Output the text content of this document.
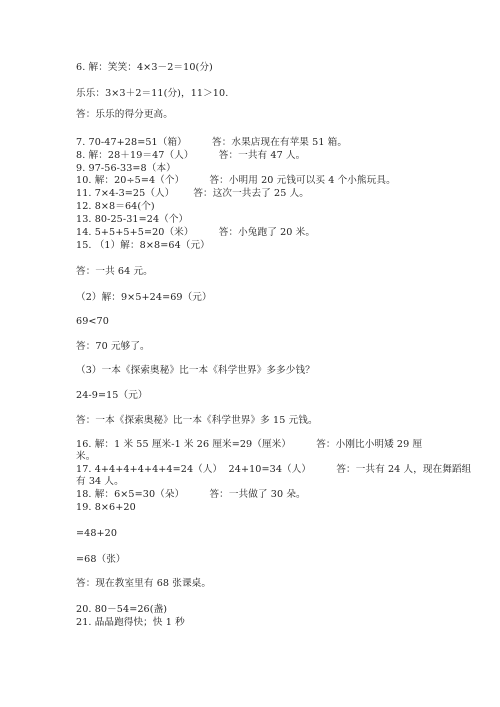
6. 解：笑笑：4×3－2＝10(分)
乐乐：3×3＋2＝11(分)，11＞10.
答：乐乐的得分更高。
7. 70-47+28=51（箱）        答：水果店现在有苹果 51 箱。
8. 解：28＋19＝47（人）        答：一共有 47 人。
9. 97-56-33=8（本）
10. 解：20÷5=4（个）        答：小明用 20 元钱可以买 4 个小熊玩具。
11. 7×4-3=25（人）      答：这次一共去了 25 人。
12. 8×8＝64(个)
13. 80-25-31=24（个）
14. 5+5+5+5=20（米）        答：小兔跑了 20 米。
15. （1）解：8×8=64（元）
答：一共 64 元。
（2）解：9×5+24=69（元）
69<70
答：70 元够了。
（3）一本《探索奥秘》比一本《科学世界》多多少钱？
24-9=15（元）
答：一本《探索奥秘》比一本《科学世界》多 15 元钱。
16. 解：1 米 55 厘米-1 米 26 厘米=29（厘米）        答：小刚比小明矮 29 厘
米。
17. 4+4+4+4+4+4=24（人）  24+10=34（人）        答：一共有 24 人，现在舞蹈组
有 34 人。
18. 解：6×5=30（朵）        答：一共做了 30 朵。
19. 8×6+20
=48+20
=68（张）
答：现在教室里有 68 张课桌。
20. 80－54=26(盏)
21. 晶晶跑得快；快 1 秒
